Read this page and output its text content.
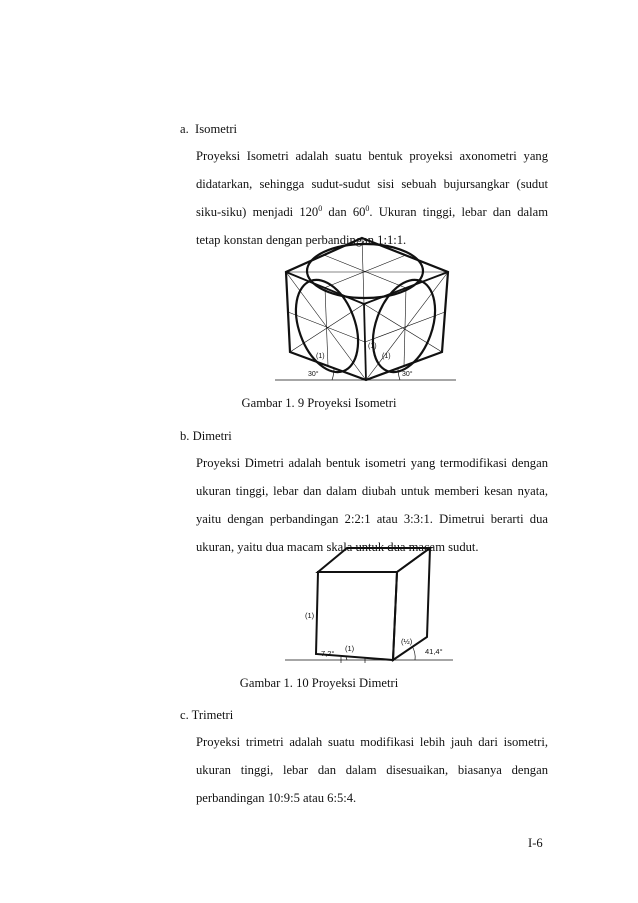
a. Isometri
Proyeksi Isometri adalah suatu bentuk proyeksi axonometri yang
didatarkan, sehingga sudut-sudut sisi sebuah bujursangkar (sudut
siku-siku) menjadi $120^0$ dan $60^0$. Ukuran tinggi, lebar dan dalam
tetap konstan dengan perbandingan 1:1:1.
(1)	(1)
(1)
30°	30°
Gambar 1. 9 Proyeksi Isometri
b. Dimetri
Proyeksi Dimetri adalah bentuk isometri yang termodifikasi dengan
ukuran tinggi, lebar dan dalam diubah untuk memberi kesan nyata,
yaitu dengan perbandingan 2:2:1 atau 3:3:1. Dimetrui berarti dua
ukuran, yaitu dua macam skala untuk dua macam sudut.
(1)
(1)
(½)
7,2°	41,4°
Gambar 1. 10 Proyeksi Dimetri
c. Trimetri
Proyeksi trimetri adalah suatu modifikasi lebih jauh dari isometri,
ukuran tinggi, lebar dan dalam disesuaikan, biasanya dengan
perbandingan 10:9:5 atau 6:5:4.
I-6
